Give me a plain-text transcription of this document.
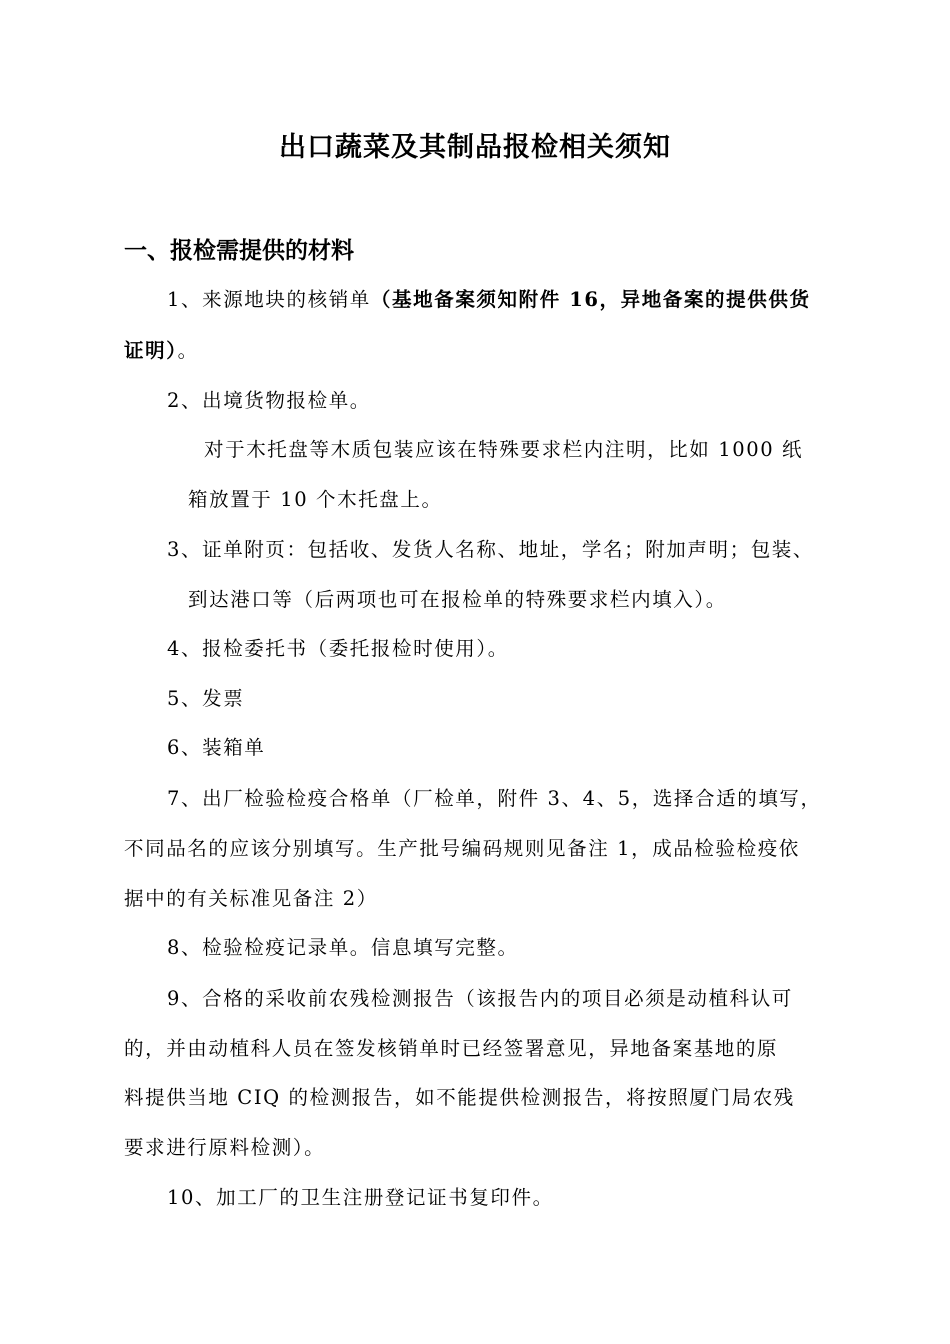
出口蔬菜及其制品报检相关须知
一、报检需提供的材料
1、来源地块的核销单（基地备案须知附件 16，异地备案的提供供货
证明）。
2、出境货物报检单。
对于木托盘等木质包装应该在特殊要求栏内注明，比如 1000 纸
箱放置于 10 个木托盘上。
3、证单附页：包括收、发货人名称、地址，学名；附加声明；包装、
到达港口等（后两项也可在报检单的特殊要求栏内填入）。
4、报检委托书（委托报检时使用）。
5、发票
6、装箱单
7、出厂检验检疫合格单（厂检单，附件 3、4、5，选择合适的填写，
不同品名的应该分别填写。生产批号编码规则见备注 1，成品检验检疫依
据中的有关标准见备注 2）
8、检验检疫记录单。信息填写完整。
9、合格的采收前农残检测报告（该报告内的项目必须是动植科认可
的，并由动植科人员在签发核销单时已经签署意见，异地备案基地的原
料提供当地 CIQ 的检测报告，如不能提供检测报告，将按照厦门局农残
要求进行原料检测）。
10、加工厂的卫生注册登记证书复印件。
